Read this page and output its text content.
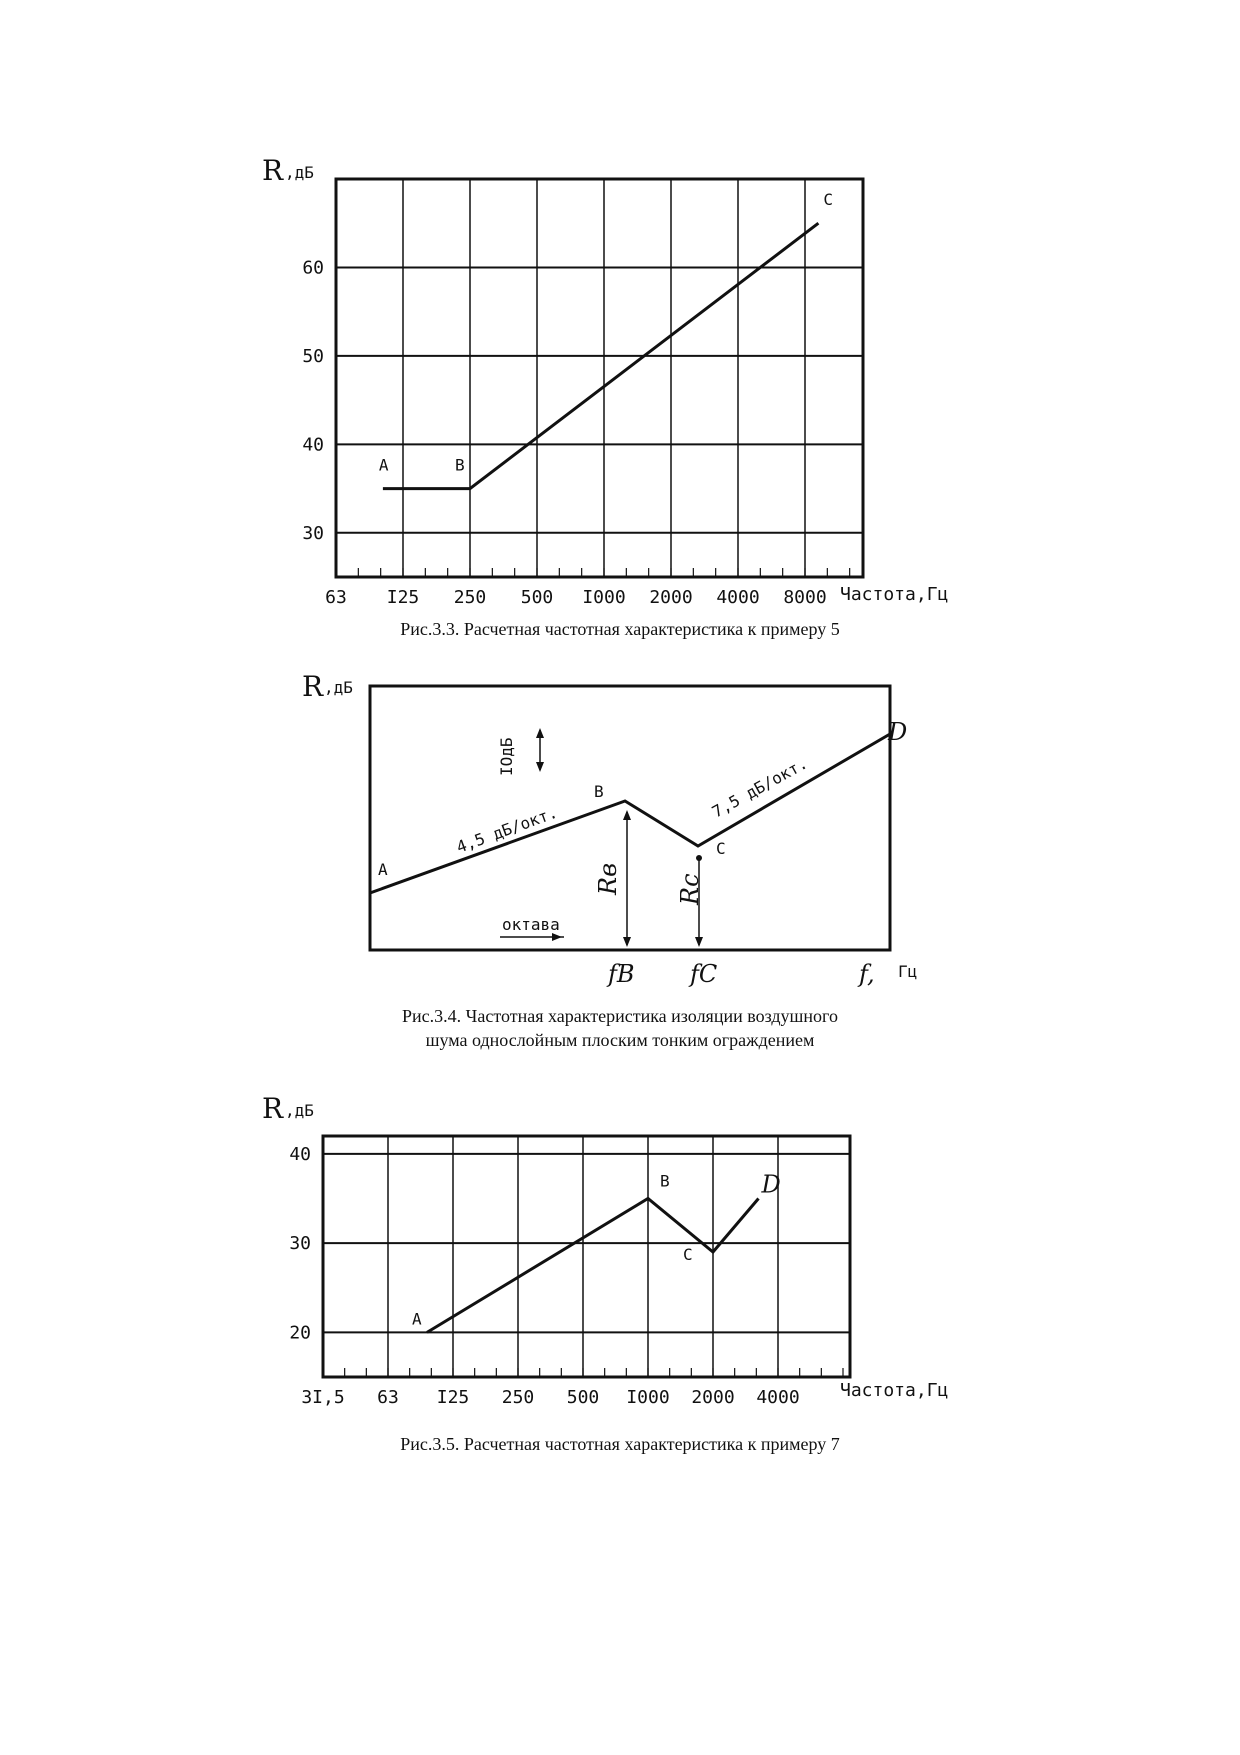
30
40
50
60
63 I25 250 500 I000 2000 4000 8000
A	B
C
R ,дБ
Частота,Гц
IОдБ
октава
4,5 дБ/окт.
7,5 дБ/окт.
Rв Rc
A
B
C
D
fB fC	f, Гц
R ,дБ
20
30
40
3I,5 63 I25 250 500 I000 2000 4000
A
B
C
D
R ,дБ
Частота,Гц
Рис.3.3. Расчетная частотная характеристика к примеру 5
Рис.3.4. Частотная характеристика изоляции воздушного
шума однослойным плоским тонким ограждением
Рис.3.5. Расчетная частотная характеристика к примеру 7
